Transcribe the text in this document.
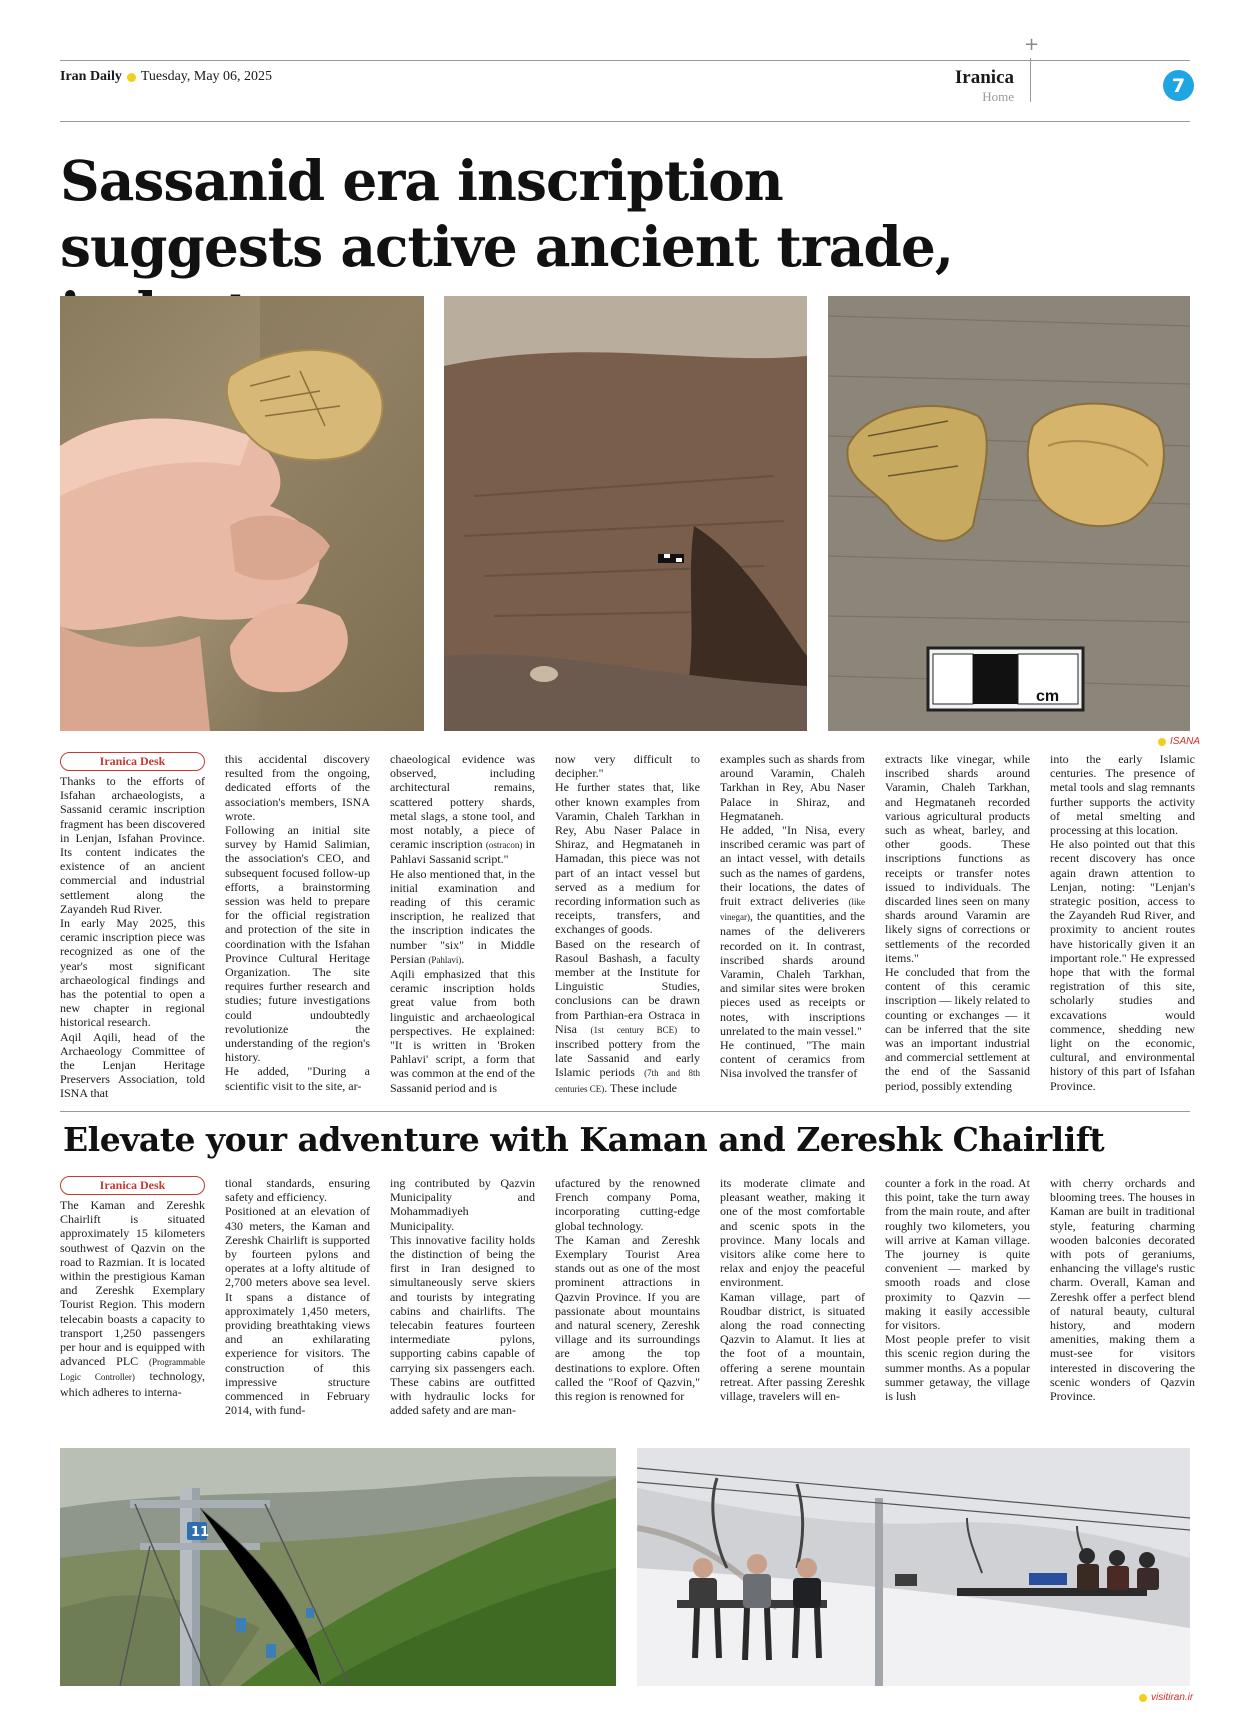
+
Iran Daily Tuesday, May 06, 2025	Iranica
Home	7
Sassanid era inscription
suggests active ancient trade,
cm
ISANA
Iranica Desk

Thanks to the efforts of Isfahan archaeologists, a Sassanid ceramic inscription fragment has been discovered in Lenjan, Isfahan Province. Its content indicates the existence of an ancient commercial and industrial settlement along the Zayandeh Rud River.

In early May 2025, this ceramic inscription piece was recognized as one of the year's most significant archaeological findings and has the potential to open a new chapter in regional historical research.

Aqil Aqili, head of the Archaeology Committee of the Lenjan Heritage Preservers Association, told ISNA that

this accidental discovery resulted from the ongoing, dedicated efforts of the association's members, ISNA wrote.

Following an initial site survey by Hamid Salimian, the association's CEO, and subsequent focused follow-up efforts, a brainstorming session was held to prepare for the official registration and protection of the site in coordination with the Isfahan Province Cultural Heritage Organization. The site requires further research and studies; future investigations could undoubtedly revolutionize the understanding of the region's history.

He added, "During a scientific visit to the site, ar-

chaeological evidence was observed, including architectural remains, scattered pottery shards, metal slags, a stone tool, and most notably, a piece of ceramic inscription (ostracon) in Pahlavi Sassanid script."

He also mentioned that, in the initial examination and reading of this ceramic inscription, he realized that the inscription indicates the number "six" in Middle Persian (Pahlavi).

Aqili emphasized that this ceramic inscription holds great value from both linguistic and archaeological perspectives. He explained: "It is written in 'Broken Pahlavi' script, a form that was common at the end of the Sassanid period and is

now very difficult to decipher."

He further states that, like other known examples from Varamin, Chaleh Tarkhan in Rey, Abu Naser Palace in Shiraz, and Hegmataneh in Hamadan, this piece was not part of an intact vessel but served as a medium for recording information such as receipts, transfers, and exchanges of goods.

Based on the research of Rasoul Bashash, a faculty member at the Institute for Linguistic Studies, conclusions can be drawn from Parthian-era Ostraca in Nisa (1st century BCE) to inscribed pottery from the late Sassanid and early Islamic periods (7th and 8th centuries CE). These include

examples such as shards from around Varamin, Chaleh Tarkhan in Rey, Abu Naser Palace in Shiraz, and Hegmataneh.

He added, "In Nisa, every inscribed ceramic was part of an intact vessel, with details such as the names of gardens, their locations, the dates of fruit extract deliveries (like vinegar), the quantities, and the names of the deliverers recorded on it. In contrast, inscribed shards around Varamin, Chaleh Tarkhan, and similar sites were broken pieces used as receipts or notes, with inscriptions unrelated to the main vessel."

He continued, "The main content of ceramics from Nisa involved the transfer of

extracts like vinegar, while inscribed shards around Varamin, Chaleh Tarkhan, and Hegmataneh recorded various agricultural products such as wheat, barley, and other goods. These inscriptions functions as receipts or transfer notes issued to individuals. The discarded lines seen on many shards around Varamin are likely signs of corrections or settlements of the recorded items."

He concluded that from the content of this ceramic inscription — likely related to counting or exchanges — it can be inferred that the site was an important industrial and commercial settlement at the end of the Sassanid period, possibly extending

into the early Islamic centuries. The presence of metal tools and slag remnants further supports the activity of metal smelting and processing at this location.

He also pointed out that this recent discovery has once again drawn attention to Lenjan, noting: "Lenjan's strategic position, access to the Zayandeh Rud River, and proximity to ancient routes have historically given it an important role." He expressed hope that with the formal registration of this site, scholarly studies and excavations would commence, shedding new light on the economic, cultural, and environmental history of this part of Isfahan Province.

Elevate your adventure with Kaman and Zereshk Chairlift
Iranica Desk

The Kaman and Zereshk Chairlift is situated approximately 15 kilometers southwest of Qazvin on the road to Razmian. It is located within the prestigious Kaman and Zereshk Exemplary Tourist Region. This modern telecabin boasts a capacity to transport 1,250 passengers per hour and is equipped with advanced PLC (Programmable Logic Controller) technology, which adheres to interna-

tional standards, ensuring safety and efficiency.

Positioned at an elevation of 430 meters, the Kaman and Zereshk Chairlift is supported by fourteen pylons and operates at a lofty altitude of 2,700 meters above sea level. It spans a distance of approximately 1,450 meters, providing breathtaking views and an exhilarating experience for visitors. The construction of this impressive structure commenced in February 2014, with fund-

ing contributed by Qazvin Municipality and Mohammadiyeh Municipality.

This innovative facility holds the distinction of being the first in Iran designed to simultaneously serve skiers and tourists by integrating cabins and chairlifts. The telecabin features fourteen intermediate pylons, supporting cabins capable of carrying six passengers each. These cabins are outfitted with hydraulic locks for added safety and are man-

ufactured by the renowned French company Poma, incorporating cutting-edge global technology.

The Kaman and Zereshk Exemplary Tourist Area stands out as one of the most prominent attractions in Qazvin Province. If you are passionate about mountains and natural scenery, Zereshk village and its surroundings are among the top destinations to explore. Often called the "Roof of Qazvin," this region is renowned for

its moderate climate and pleasant weather, making it one of the most comfortable and scenic spots in the province. Many locals and visitors alike come here to relax and enjoy the peaceful environment.

Kaman village, part of Roudbar district, is situated along the road connecting Qazvin to Alamut. It lies at the foot of a mountain, offering a serene mountain retreat. After passing Zereshk village, travelers will en-

counter a fork in the road. At this point, take the turn away from the main route, and after roughly two kilometers, you will arrive at Kaman village. The journey is quite convenient — marked by smooth roads and close proximity to Qazvin — making it easily accessible for visitors.

Most people prefer to visit this scenic region during the summer months. As a popular summer getaway, the village is lush

with cherry orchards and blooming trees. The houses in Kaman are built in traditional style, featuring charming wooden balconies decorated with pots of geraniums, enhancing the village's rustic charm. Overall, Kaman and Zereshk offer a perfect blend of natural beauty, cultural history, and modern amenities, making them a must-see for visitors interested in discovering the scenic wonders of Qazvin Province.

11
visitiran.ir
